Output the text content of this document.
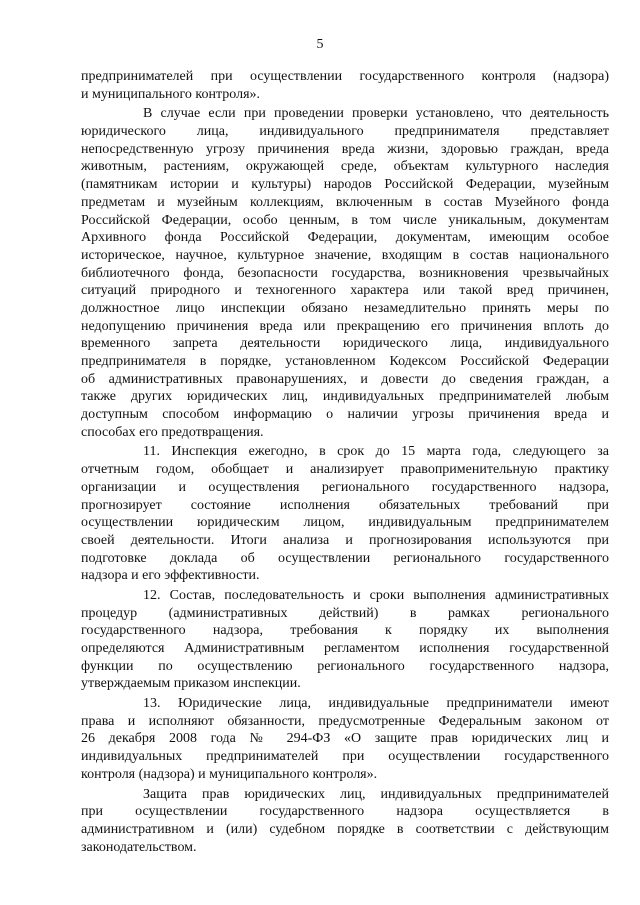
5
предпринимателей при осуществлении государственного контроля (надзора)
и муниципального контроля».
В случае если при проведении проверки установлено, что деятельность
юридического лица, индивидуального предпринимателя представляет
непосредственную угрозу причинения вреда жизни, здоровью граждан, вреда
животным, растениям, окружающей среде, объектам культурного наследия
(памятникам истории и культуры) народов Российской Федерации, музейным
предметам и музейным коллекциям, включенным в состав Музейного фонда
Российской Федерации, особо ценным, в том числе уникальным, документам
Архивного фонда Российской Федерации, документам, имеющим особое
историческое, научное, культурное значение, входящим в состав национального
библиотечного фонда, безопасности государства, возникновения чрезвычайных
ситуаций природного и техногенного характера или такой вред причинен,
должностное лицо инспекции обязано незамедлительно принять меры по
недопущению причинения вреда или прекращению его причинения вплоть до
временного запрета деятельности юридического лица, индивидуального
предпринимателя в порядке, установленном Кодексом Российской Федерации
об административных правонарушениях, и довести до сведения граждан, а
также других юридических лиц, индивидуальных предпринимателей любым
доступным способом информацию о наличии угрозы причинения вреда и
способах его предотвращения.
11. Инспекция ежегодно, в срок до 15 марта года, следующего за
отчетным годом, обобщает и анализирует правоприменительную практику
организации и осуществления регионального государственного надзора,
прогнозирует состояние исполнения обязательных требований при
осуществлении юридическим лицом, индивидуальным предпринимателем
своей деятельности. Итоги анализа и прогнозирования используются при
подготовке доклада об осуществлении регионального государственного
надзора и его эффективности.
12. Состав, последовательность и сроки выполнения административных
процедур (административных действий) в рамках регионального
государственного надзора, требования к порядку их выполнения
определяются Административным регламентом исполнения государственной
функции по осуществлению регионального государственного надзора,
утверждаемым приказом инспекции.
13. Юридические лица, индивидуальные предприниматели имеют
права и исполняют обязанности, предусмотренные Федеральным законом от
26 декабря 2008 года № 294-ФЗ «О защите прав юридических лиц и
индивидуальных предпринимателей при осуществлении государственного
контроля (надзора) и муниципального контроля».
Защита прав юридических лиц, индивидуальных предпринимателей
при осуществлении государственного надзора осуществляется в
административном и (или) судебном порядке в соответствии с действующим
законодательством.
